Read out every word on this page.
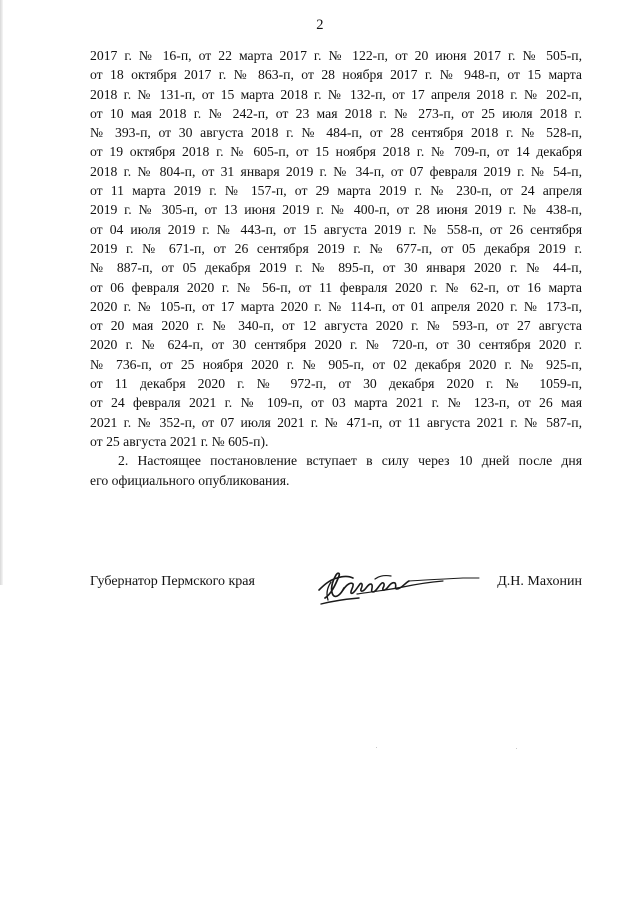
2
2017 г. № 16-п, от 22 марта 2017 г. № 122-п, от 20 июня 2017 г. № 505-п,
от 18 октября 2017 г. № 863-п, от 28 ноября 2017 г. № 948-п, от 15 марта
2018 г. № 131-п, от 15 марта 2018 г. № 132-п, от 17 апреля 2018 г. № 202-п,
от 10 мая 2018 г. № 242-п, от 23 мая 2018 г. № 273-п, от 25 июля 2018 г.
№ 393-п, от 30 августа 2018 г. № 484-п, от 28 сентября 2018 г. № 528-п,
от 19 октября 2018 г. № 605-п, от 15 ноября 2018 г. № 709-п, от 14 декабря
2018 г. № 804-п, от 31 января 2019 г. № 34-п, от 07 февраля 2019 г. № 54-п,
от 11 марта 2019 г. № 157-п, от 29 марта 2019 г. № 230-п, от 24 апреля
2019 г. № 305-п, от 13 июня 2019 г. № 400-п, от 28 июня 2019 г. № 438-п,
от 04 июля 2019 г. № 443-п, от 15 августа 2019 г. № 558-п, от 26 сентября
2019 г. № 671-п, от 26 сентября 2019 г. № 677-п, от 05 декабря 2019 г.
№ 887-п, от 05 декабря 2019 г. № 895-п, от 30 января 2020 г. № 44-п,
от 06 февраля 2020 г. № 56-п, от 11 февраля 2020 г. № 62-п, от 16 марта
2020 г. № 105-п, от 17 марта 2020 г. № 114-п, от 01 апреля 2020 г. № 173-п,
от 20 мая 2020 г. № 340-п, от 12 августа 2020 г. № 593-п, от 27 августа
2020 г. № 624-п, от 30 сентября 2020 г. № 720-п, от 30 сентября 2020 г.
№ 736-п, от 25 ноября 2020 г. № 905-п, от 02 декабря 2020 г. № 925-п,
от 11 декабря 2020 г. № 972-п, от 30 декабря 2020 г. № 1059-п,
от 24 февраля 2021 г. № 109-п, от 03 марта 2021 г. № 123-п, от 26 мая
2021 г. № 352-п, от 07 июля 2021 г. № 471-п, от 11 августа 2021 г. № 587-п,
от 25 августа 2021 г. № 605-п).
2. Настоящее постановление вступает в силу через 10 дней после дня
его официального опубликования.
Губернатор Пермского края	Д.Н. Махонин
